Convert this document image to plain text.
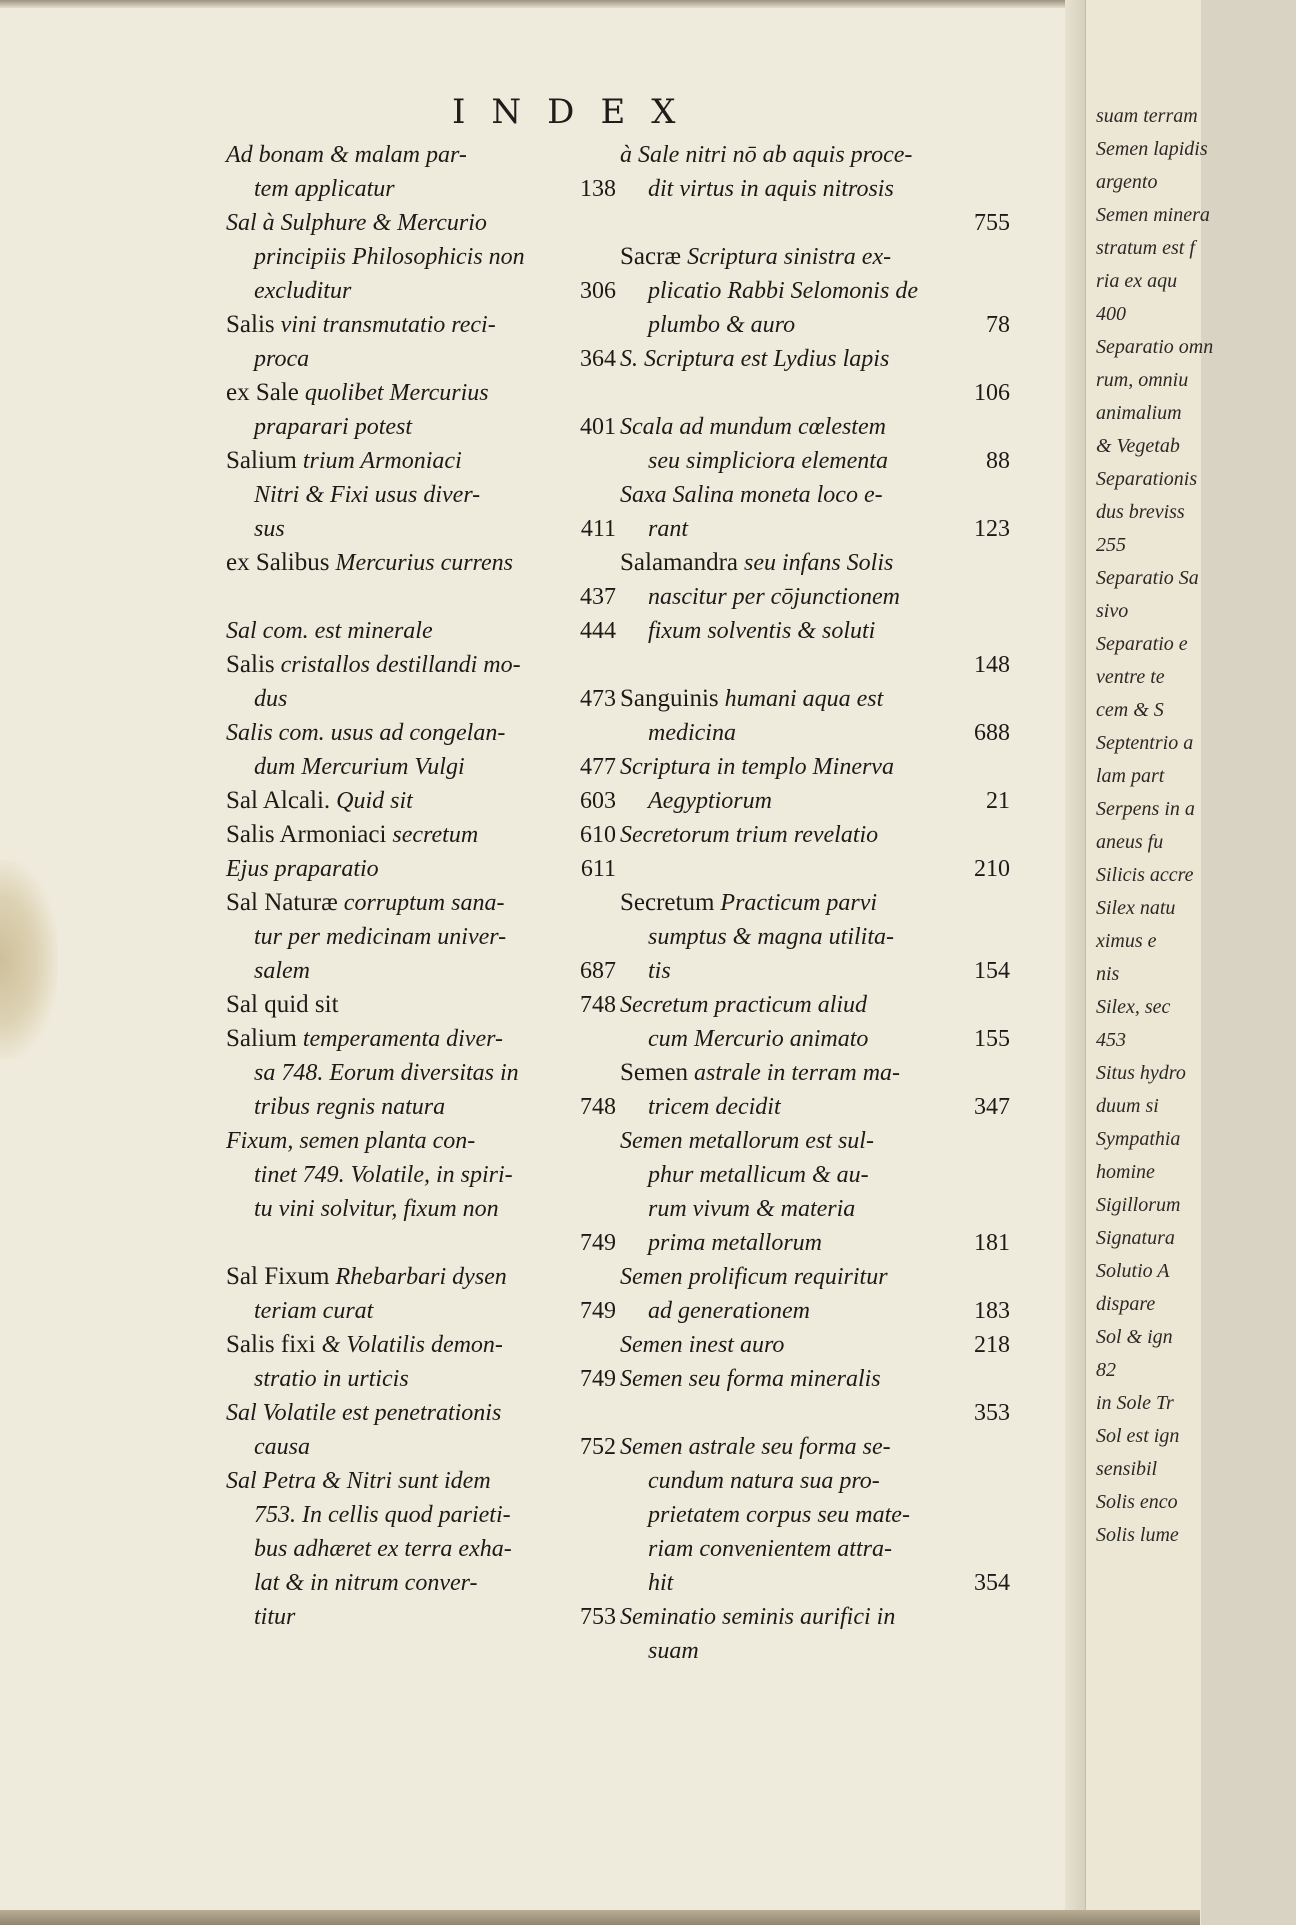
suam terram
Semen lapidis
argento
Semen minera
stratum est f
ria ex aqu
400
Separatio omn
rum, omniu
animalium
& Vegetab
Separationis
dus breviss
255
Separatio Sa
sivo
Separatio e
ventre te
cem & S
Septentrio a
lam part
Serpens in a
aneus fu
Silicis accre
Silex natu
ximus e
nis
Silex, sec
453
Situs hydro
duum si
Sympathia
homine
Sigillorum
Signatura
Solutio A
dispare
Sol & ign
82
in Sole Tr
Sol est ign
sensibil
Solis enco
Solis lume
INDEX
Ad bonam & malam par-
tem applicatur	138
Sal à Sulphure & Mercurio
principiis Philosophicis non
excluditur	306
Salis vini transmutatio reci-
proca	364
ex Sale quolibet Mercurius
praparari potest	401
Salium trium Armoniaci
Nitri & Fixi usus diver-
sus	411
ex Salibus Mercurius currens
437
Sal com. est minerale	444
Salis cristallos destillandi mo-
dus	473
Salis com. usus ad congelan-
dum Mercurium Vulgi	477
Sal Alcali. Quid sit	603
Salis Armoniaci secretum	610
Ejus praparatio	611
Sal Naturæ corruptum sana-
tur per medicinam univer-
salem	687
Sal quid sit	748
Salium temperamenta diver-
sa 748. Eorum diversitas in
tribus regnis natura	748
Fixum, semen planta con-
tinet 749. Volatile, in spiri-
tu vini solvitur, fixum non
749
Sal Fixum Rhebarbari dysen
teriam curat	749
Salis fixi & Volatilis demon-
stratio in urticis	749
Sal Volatile est penetrationis
causa	752
Sal Petra & Nitri sunt idem
753. In cellis quod parieti-
bus adhæret ex terra exha-
lat & in nitrum conver-
titur	753
à Sale nitri nō ab aquis proce-
dit virtus in aquis nitrosis
755
Sacræ Scriptura sinistra ex-
plicatio Rabbi Selomonis de
plumbo & auro	78
S. Scriptura est Lydius lapis
106
Scala ad mundum cœlestem
seu simpliciora elementa	88
Saxa Salina moneta loco e-
rant	123
Salamandra seu infans Solis
nascitur per cōjunctionem
fixum solventis & soluti
148
Sanguinis humani aqua est
medicina	688
Scriptura in templo Minerva
Aegyptiorum	21
Secretorum trium revelatio
210
Secretum Practicum parvi
sumptus & magna utilita-
tis	154
Secretum practicum aliud
cum Mercurio animato	155
Semen astrale in terram ma-
tricem decidit	347
Semen metallorum est sul-
phur metallicum & au-
rum vivum & materia
prima metallorum	181
Semen prolificum requiritur
ad generationem	183
Semen inest auro	218
Semen seu forma mineralis
353
Semen astrale seu forma se-
cundum natura sua pro-
prietatem corpus seu mate-
riam convenientem attra-
hit	354
Seminatio seminis aurifici in
suam
